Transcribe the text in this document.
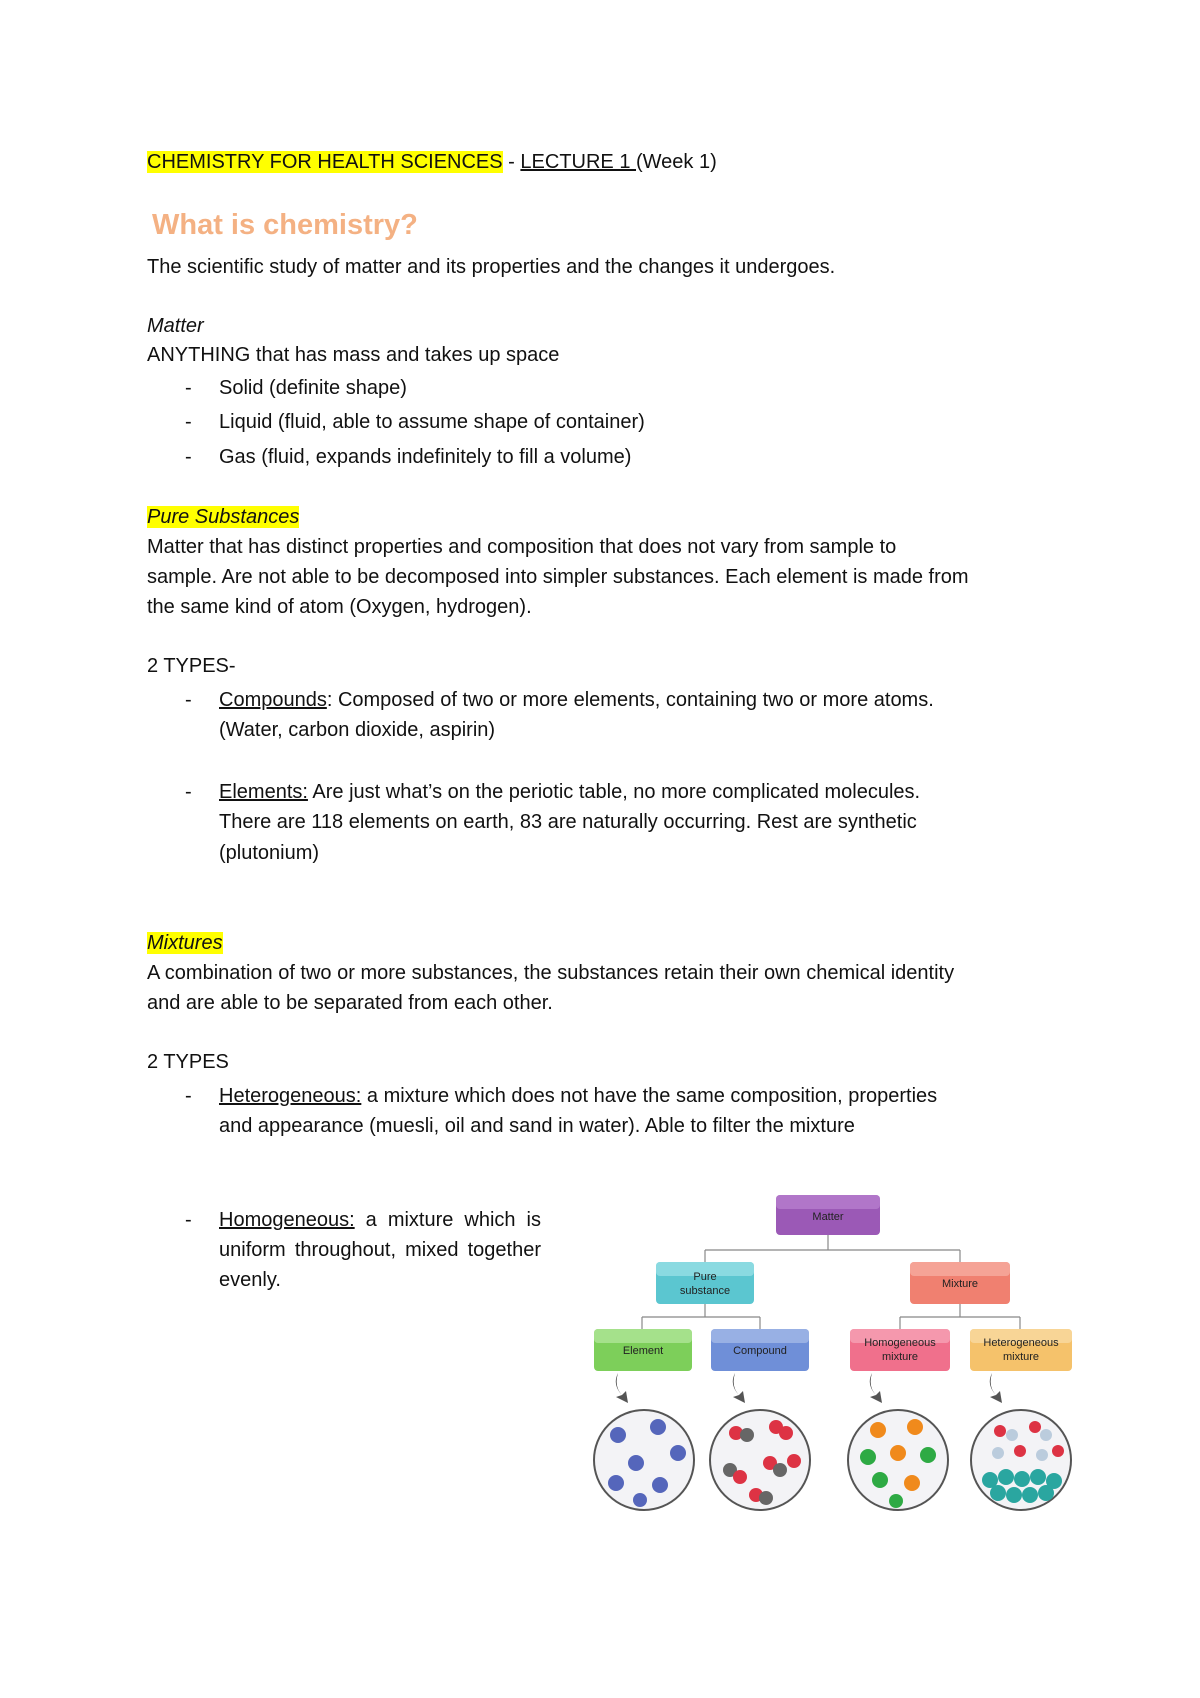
CHEMISTRY FOR HEALTH SCIENCES - LECTURE 1 (Week 1)
What is chemistry?
The scientific study of matter and its properties and the changes it undergoes.
Matter
ANYTHING that has mass and takes up space
- Solid (definite shape)
- Liquid (fluid, able to assume shape of container)
- Gas (fluid, expands indefinitely to fill a volume)
Pure Substances
Matter that has distinct properties and composition that does not vary from sample to
sample. Are not able to be decomposed into simpler substances. Each element is made from
the same kind of atom (Oxygen, hydrogen).
2 TYPES-
- Compounds: Composed of two or more elements, containing two or more atoms.
(Water, carbon dioxide, aspirin)
- Elements: Are just what’s on the periotic table, no more complicated molecules.
There are 118 elements on earth, 83 are naturally occurring. Rest are synthetic
(plutonium)
Mixtures
A combination of two or more substances, the substances retain their own chemical identity
and are able to be separated from each other.
2 TYPES
- Heterogeneous: a mixture which does not have the same composition, properties
and appearance (muesli, oil and sand in water). Able to filter the mixture
- Homogeneous: a mixture which is uniform throughout, mixed together evenly.
Matter
Pure
substance
Mixture
Element	Compound
Homogeneous
mixture
Heterogeneous
mixture
